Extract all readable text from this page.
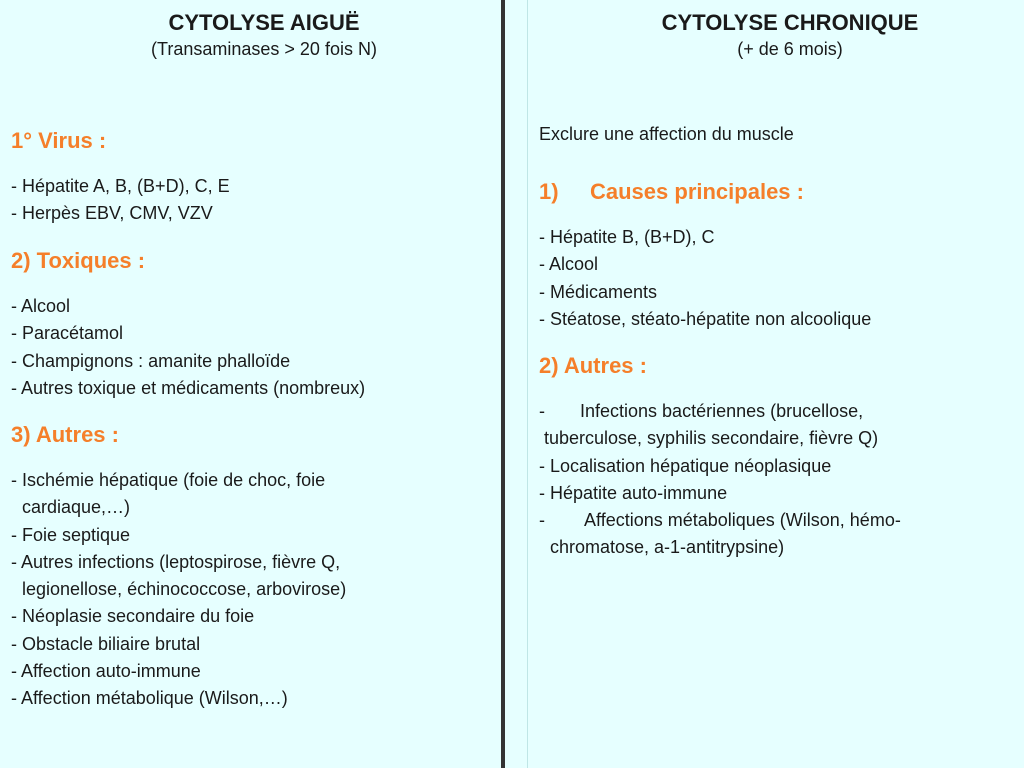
CYTOLYSE AIGUË
(Transaminases > 20 fois N)
1° Virus :
- Hépatite A, B, (B+D), C, E
- Herpès EBV, CMV, VZV
2) Toxiques :
- Alcool
- Paracétamol
- Champignons : amanite phalloïde
- Autres toxique et médicaments (nombreux)
3) Autres :
- Ischémie hépatique (foie de choc, foie
cardiaque,…)
- Foie septique
- Autres infections (leptospirose, fièvre Q,
legionellose, échinococcose, arbovirose)
- Néoplasie secondaire du foie
- Obstacle biliaire brutal
- Affection auto-immune
- Affection métabolique (Wilson,…)
CYTOLYSE CHRONIQUE
(+ de 6 mois)
Exclure une affection du muscle
1) Causes principales :
- Hépatite B, (B+D), C
- Alcool
- Médicaments
- Stéatose, stéato-hépatite non alcoolique
2) Autres :
-       Infections bactériennes (brucellose,
tuberculose, syphilis secondaire, fièvre Q)
- Localisation hépatique néoplasique
- Hépatite auto-immune
-        Affections métaboliques (Wilson, hémo-
chromatose, a-1-antitrypsine)
